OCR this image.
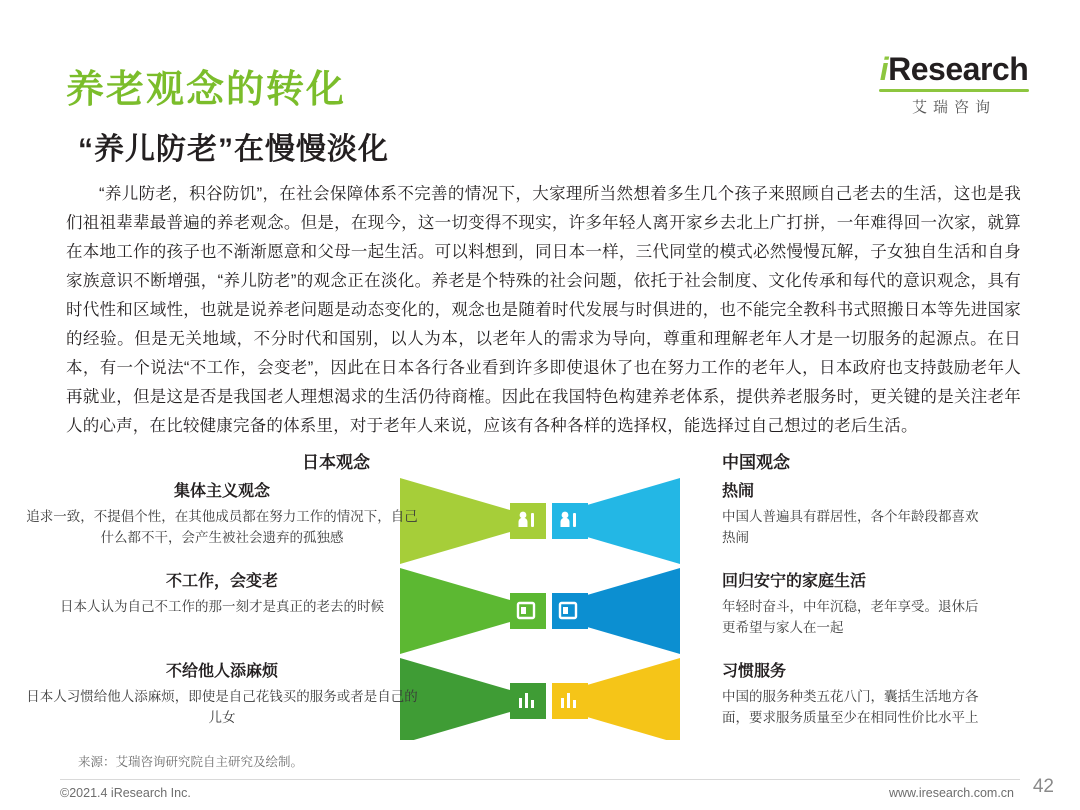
养老观念的转化
“养儿防老”在慢慢淡化
iResearch
艾瑞咨询
“养儿防老，积谷防饥”，在社会保障体系不完善的情况下，大家理所当然想着多生几个孩子来照顾自己老去的生活，这也是我们祖祖辈辈最普遍的养老观念。但是，在现今，这一切变得不现实，许多年轻人离开家乡去北上广打拼，一年难得回一次家，就算在本地工作的孩子也不渐渐愿意和父母一起生活。可以料想到，同日本一样，三代同堂的模式必然慢慢瓦解，子女独自生活和自身家族意识不断增强，“养儿防老”的观念正在淡化。养老是个特殊的社会问题，依托于社会制度、文化传承和每代的意识观念，具有时代性和区域性，也就是说养老问题是动态变化的，观念也是随着时代发展与时俱进的，也不能完全教科书式照搬日本等先进国家的经验。但是无关地域，不分时代和国别，以人为本，以老年人的需求为导向，尊重和理解老年人才是一切服务的起源点。在日本，有一个说法“不工作，会变老”，因此在日本各行各业看到许多即使退休了也在努力工作的老年人，日本政府也支持鼓励老年人再就业，但是这是否是我国老人理想渴求的生活仍待商榷。因此在我国特色构建养老体系，提供养老服务时，更关键的是关注老年人的心声，在比较健康完备的体系里，对于老年人来说，应该有各种各样的选择权，能选择过自己想过的老后生活。
日本观念	中国观念
集体主义观念
追求一致，不提倡个性，在其他成员都在努力工作的情况下，自己什么都不干，会产生被社会遗弃的孤独感
热闹
中国人普遍具有群居性，各个年龄段都喜欢热闹
不工作，会变老
日本人认为自己不工作的那一刻才是真正的老去的时候
回归安宁的家庭生活
年轻时奋斗，中年沉稳，老年享受。退休后更希望与家人在一起
不给他人添麻烦
日本人习惯给他人添麻烦，即使是自己花钱买的服务或者是自己的儿女
习惯服务
中国的服务种类五花八门，囊括生活地方各面，要求服务质量至少在相同性价比水平上
来源：艾瑞咨询研究院自主研究及绘制。
©2021.4 iResearch Inc.	www.iresearch.com.cn 42
